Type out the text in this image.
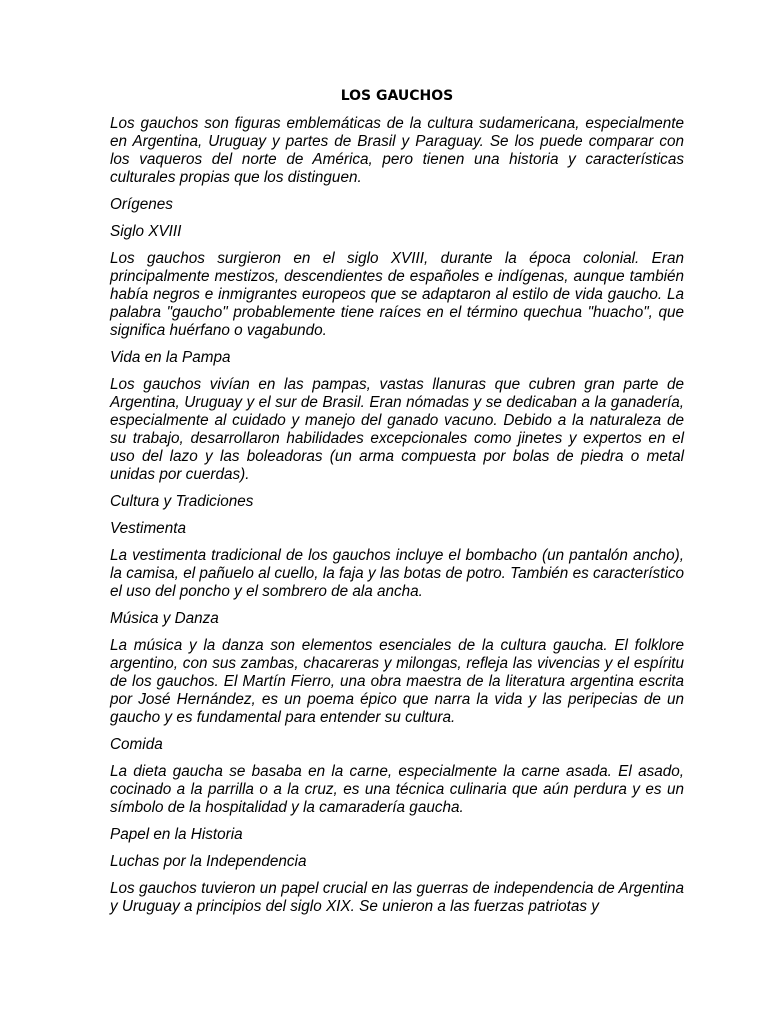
LOS GAUCHOS

Los gauchos son figuras emblemáticas de la cultura sudamericana, especialmente en Argentina, Uruguay y partes de Brasil y Paraguay. Se los puede comparar con los vaqueros del norte de América, pero tienen una historia y características culturales propias que los distinguen.

Orígenes

Siglo XVIII

Los gauchos surgieron en el siglo XVIII, durante la época colonial. Eran principalmente mestizos, descendientes de españoles e indígenas, aunque también había negros e inmigrantes europeos que se adaptaron al estilo de vida gaucho. La palabra "gaucho" probablemente tiene raíces en el término quechua "huacho", que significa huérfano o vagabundo.

Vida en la Pampa

Los gauchos vivían en las pampas, vastas llanuras que cubren gran parte de Argentina, Uruguay y el sur de Brasil. Eran nómadas y se dedicaban a la ganadería, especialmente al cuidado y manejo del ganado vacuno. Debido a la naturaleza de su trabajo, desarrollaron habilidades excepcionales como jinetes y expertos en el uso del lazo y las boleadoras (un arma compuesta por bolas de piedra o metal unidas por cuerdas).

Cultura y Tradiciones

Vestimenta

La vestimenta tradicional de los gauchos incluye el bombacho (un pantalón ancho), la camisa, el pañuelo al cuello, la faja y las botas de potro. También es característico el uso del poncho y el sombrero de ala ancha.

Música y Danza

La música y la danza son elementos esenciales de la cultura gaucha. El folklore argentino, con sus zambas, chacareras y milongas, refleja las vivencias y el espíritu de los gauchos. El Martín Fierro, una obra maestra de la literatura argentina escrita por José Hernández, es un poema épico que narra la vida y las peripecias de un gaucho y es fundamental para entender su cultura.

Comida

La dieta gaucha se basaba en la carne, especialmente la carne asada. El asado, cocinado a la parrilla o a la cruz, es una técnica culinaria que aún perdura y es un símbolo de la hospitalidad y la camaradería gaucha.

Papel en la Historia

Luchas por la Independencia

Los gauchos tuvieron un papel crucial en las guerras de independencia de Argentina y Uruguay a principios del siglo XIX. Se unieron a las fuerzas patriotas y
